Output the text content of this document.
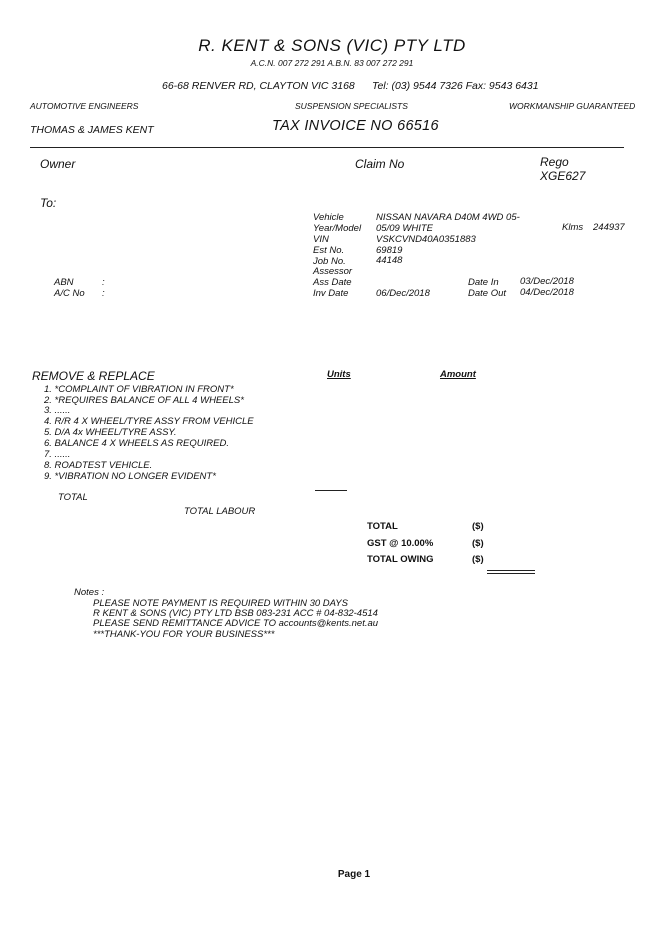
R. KENT & SONS (VIC) PTY LTD
A.C.N. 007 272 291 A.B.N. 83 007 272 291
66-68 RENVER RD, CLAYTON VIC 3168 Tel: (03) 9544 7326 Fax: 9543 6431
AUTOMOTIVE ENGINEERS	SUSPENSION SPECIALISTS	WORKMANSHIP GUARANTEED
THOMAS & JAMES KENT	TAX INVOICE NO 66516
Owner	Claim No	Rego
XGE627
To:
Vehicle	NISSAN NAVARA D40M 4WD 05-
Year/Model 05/09 WHITE	Klms 244937
VIN	VSKCVND40A0351883
Est No.	69819
Job No.	44148
Assessor
Ass Date	Date In 03/Dec/2018
Inv Date	06/Dec/2018	Date Out 04/Dec/2018
ABN	:
A/C No :
REMOVE & REPLACE	Units	Amount
1. *COMPLAINT OF VIBRATION IN FRONT*
2. *REQUIRES BALANCE OF ALL 4 WHEELS*
3. ......
4. R/R 4 X WHEEL/TYRE ASSY FROM VEHICLE
5. D/A 4x WHEEL/TYRE ASSY.
6. BALANCE 4 X WHEELS AS REQUIRED.
7. ......
8. ROADTEST VEHICLE.
9. *VIBRATION NO LONGER EVIDENT*
TOTAL
TOTAL LABOUR
TOTAL	($)
GST @ 10.00%	($)
TOTAL OWING	($)
Notes :
PLEASE NOTE PAYMENT IS REQUIRED WITHIN 30 DAYS
R KENT & SONS (VIC) PTY LTD BSB 083-231 ACC # 04-832-4514
PLEASE SEND REMITTANCE ADVICE TO accounts@kents.net.au
***THANK-YOU FOR YOUR BUSINESS***
Page 1
